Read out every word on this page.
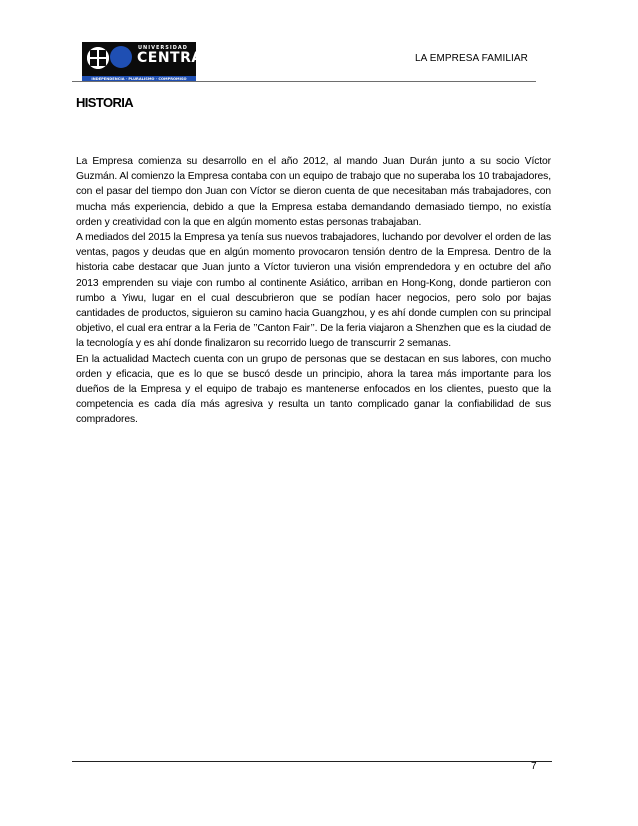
UNIVERSIDAD
CENTRAL
INDEPENDENCIA · PLURALISMO · COMPROMISO
LA EMPRESA FAMILIAR
HISTORIA

La Empresa comienza su desarrollo en el año 2012, al mando Juan Durán junto a su socio Víctor Guzmán. Al comienzo la Empresa contaba con un equipo de trabajo que no superaba los 10 trabajadores, con el pasar del tiempo don Juan con Víctor se dieron cuenta de que necesitaban más trabajadores, con mucha más experiencia, debido a que la Empresa estaba demandando demasiado tiempo, no existía orden y creatividad con la que en algún momento estas personas trabajaban.

A mediados del 2015 la Empresa ya tenía sus nuevos trabajadores, luchando por devolver el orden de las ventas, pagos y deudas que en algún momento provocaron tensión dentro de la Empresa. Dentro de la historia cabe destacar que Juan junto a Víctor tuvieron una visión emprendedora y en octubre del año 2013 emprenden su viaje con rumbo al continente Asiático, arriban en Hong-Kong, donde partieron con rumbo a Yiwu, lugar en el cual descubrieron que se podían hacer negocios, pero solo por bajas cantidades de productos, siguieron su camino hacia Guangzhou, y es ahí donde cumplen con su principal objetivo, el cual era entrar a la Feria de ’’Canton Fair’’. De la feria viajaron a Shenzhen que es la ciudad de la tecnología y es ahí donde finalizaron su recorrido luego de transcurrir 2 semanas.

En la actualidad Mactech cuenta con un grupo de personas que se destacan en sus labores, con mucho orden y eficacia, que es lo que se buscó desde un principio, ahora la tarea más importante para los dueños de la Empresa y el equipo de trabajo es mantenerse enfocados en los clientes, puesto que la competencia es cada día más agresiva y resulta un tanto complicado ganar la confiabilidad de sus compradores.

7
